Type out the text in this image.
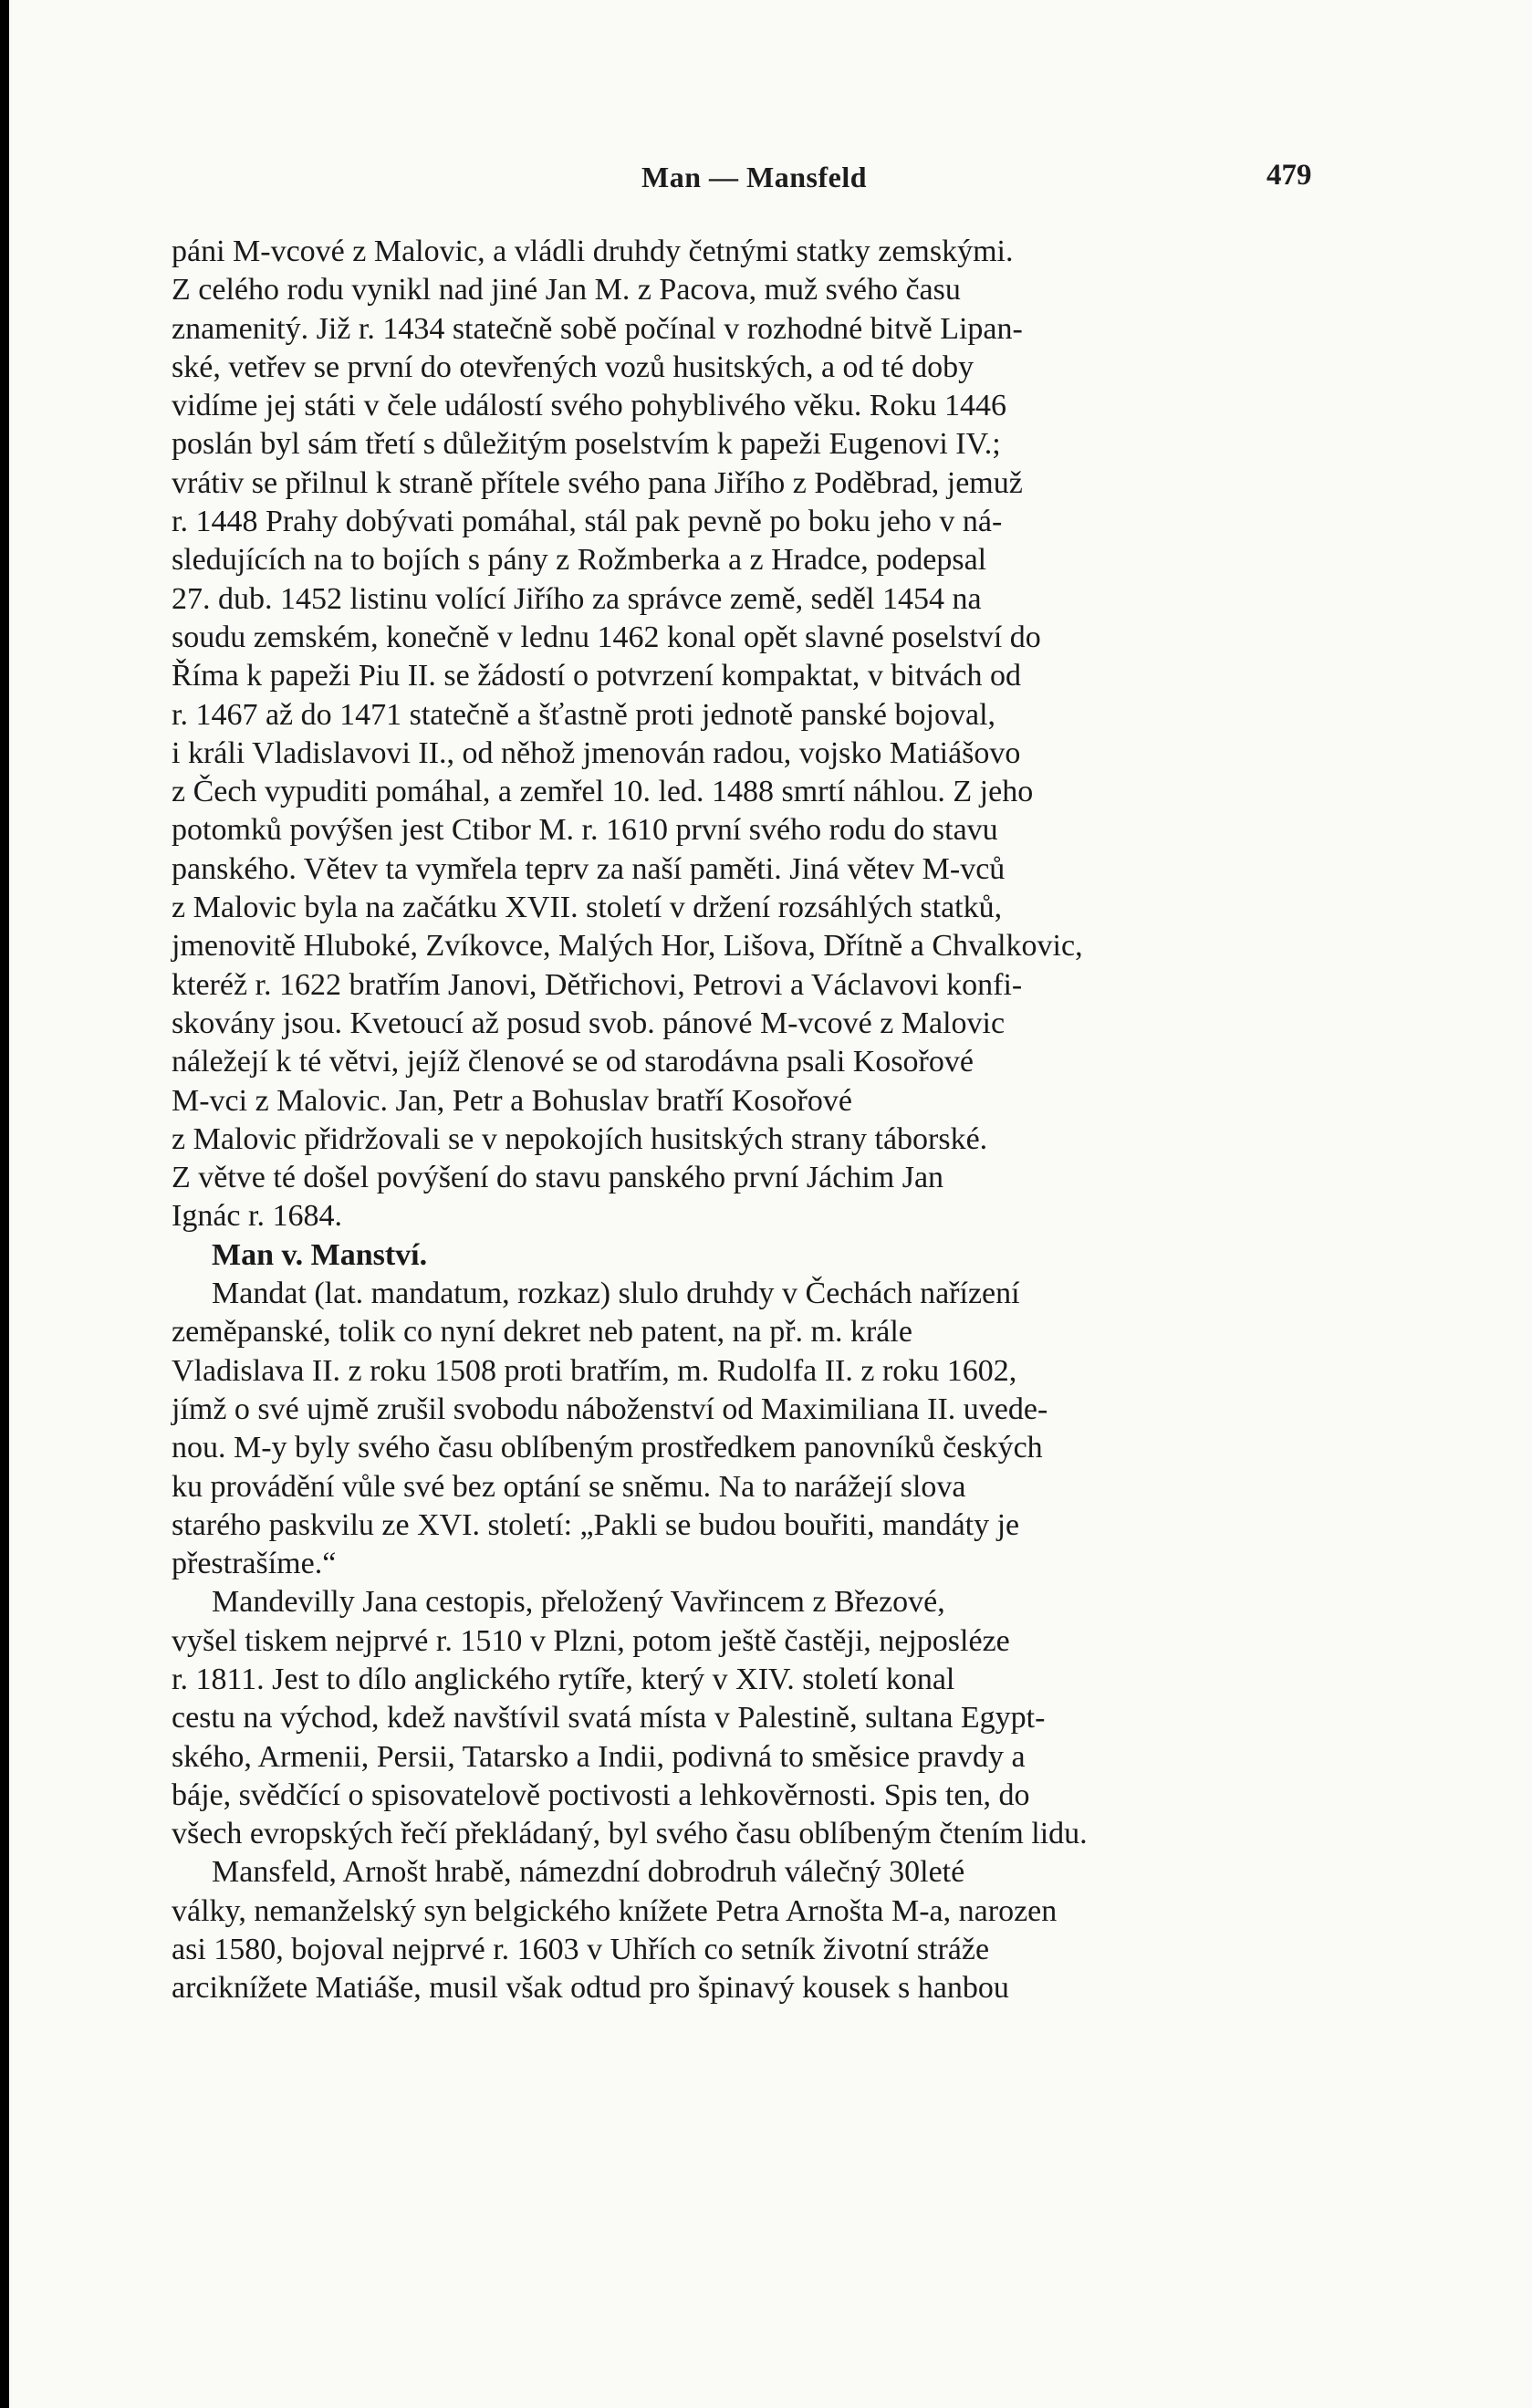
Man — Mansfeld	479
páni M-vcové z Malovic, a vládli druhdy četnými statky zemskými.
Z celého rodu vynikl nad jiné Jan M. z Pacova, muž svého času
znamenitý. Již r. 1434 statečně sobě počínal v rozhodné bitvě Lipan-
ské, vetřev se první do otevřených vozů husitských, a od té doby
vidíme jej státi v čele událostí svého pohyblivého věku. Roku 1446
poslán byl sám třetí s důležitým poselstvím k papeži Eugenovi IV.;
vrátiv se přilnul k straně přítele svého pana Jiřího z Poděbrad, jemuž
r. 1448 Prahy dobývati pomáhal, stál pak pevně po boku jeho v ná-
sledujících na to bojích s pány z Rožmberka a z Hradce, podepsal
27. dub. 1452 listinu volící Jiřího za správce země, seděl 1454 na
soudu zemském, konečně v lednu 1462 konal opět slavné poselství do
Říma k papeži Piu II. se žádostí o potvrzení kompaktat, v bitvách od
r. 1467 až do 1471 statečně a šťastně proti jednotě panské bojoval,
i králi Vladislavovi II., od něhož jmenován radou, vojsko Matiášovo
z Čech vypuditi pomáhal, a zemřel 10. led. 1488 smrtí náhlou. Z jeho
potomků povýšen jest Ctibor M. r. 1610 první svého rodu do stavu
panského. Větev ta vymřela teprv za naší paměti. Jiná větev M-vců
z Malovic byla na začátku XVII. století v držení rozsáhlých statků,
jmenovitě Hluboké, Zvíkovce, Malých Hor, Lišova, Dřítně a Chvalkovic,
kteréž r. 1622 bratřím Janovi, Dětřichovi, Petrovi a Václavovi konfi-
skovány jsou. Kvetoucí až posud svob. pánové M-vcové z Malovic
náležejí k té větvi, jejíž členové se od starodávna psali Kosořové
M-vci z Malovic. Jan, Petr a Bohuslav bratří Kosořové
z Malovic přidržovali se v nepokojích husitských strany táborské.
Z větve té došel povýšení do stavu panského první Jáchim Jan
Ignác r. 1684.
Man v. Manství.
Mandat (lat. mandatum, rozkaz) slulo druhdy v Čechách nařízení
zeměpanské, tolik co nyní dekret neb patent, na př. m. krále
Vladislava II. z roku 1508 proti bratřím, m. Rudolfa II. z roku 1602,
jímž o své ujmě zrušil svobodu náboženství od Maximiliana II. uvede-
nou. M-y byly svého času oblíbeným prostředkem panovníků českých
ku provádění vůle své bez optání se sněmu. Na to narážejí slova
starého paskvilu ze XVI. století: „Pakli se budou bouřiti, mandáty je
přestrašíme.“
Mandevilly Jana cestopis, přeložený Vavřincem z Březové,
vyšel tiskem nejprvé r. 1510 v Plzni, potom ještě častěji, nejposléze
r. 1811. Jest to dílo anglického rytíře, který v XIV. století konal
cestu na východ, kdež navštívil svatá místa v Palestině, sultana Egypt-
ského, Armenii, Persii, Tatarsko a Indii, podivná to směsice pravdy a
báje, svědčící o spisovatelově poctivosti a lehkověrnosti. Spis ten, do
všech evropských řečí překládaný, byl svého času oblíbeným čtením lidu.
Mansfeld, Arnošt hrabě, námezdní dobrodruh válečný 30leté
války, nemanželský syn belgického knížete Petra Arnošta M-a, narozen
asi 1580, bojoval nejprvé r. 1603 v Uhřích co setník životní stráže
arciknížete Matiáše, musil však odtud pro špinavý kousek s hanbou
